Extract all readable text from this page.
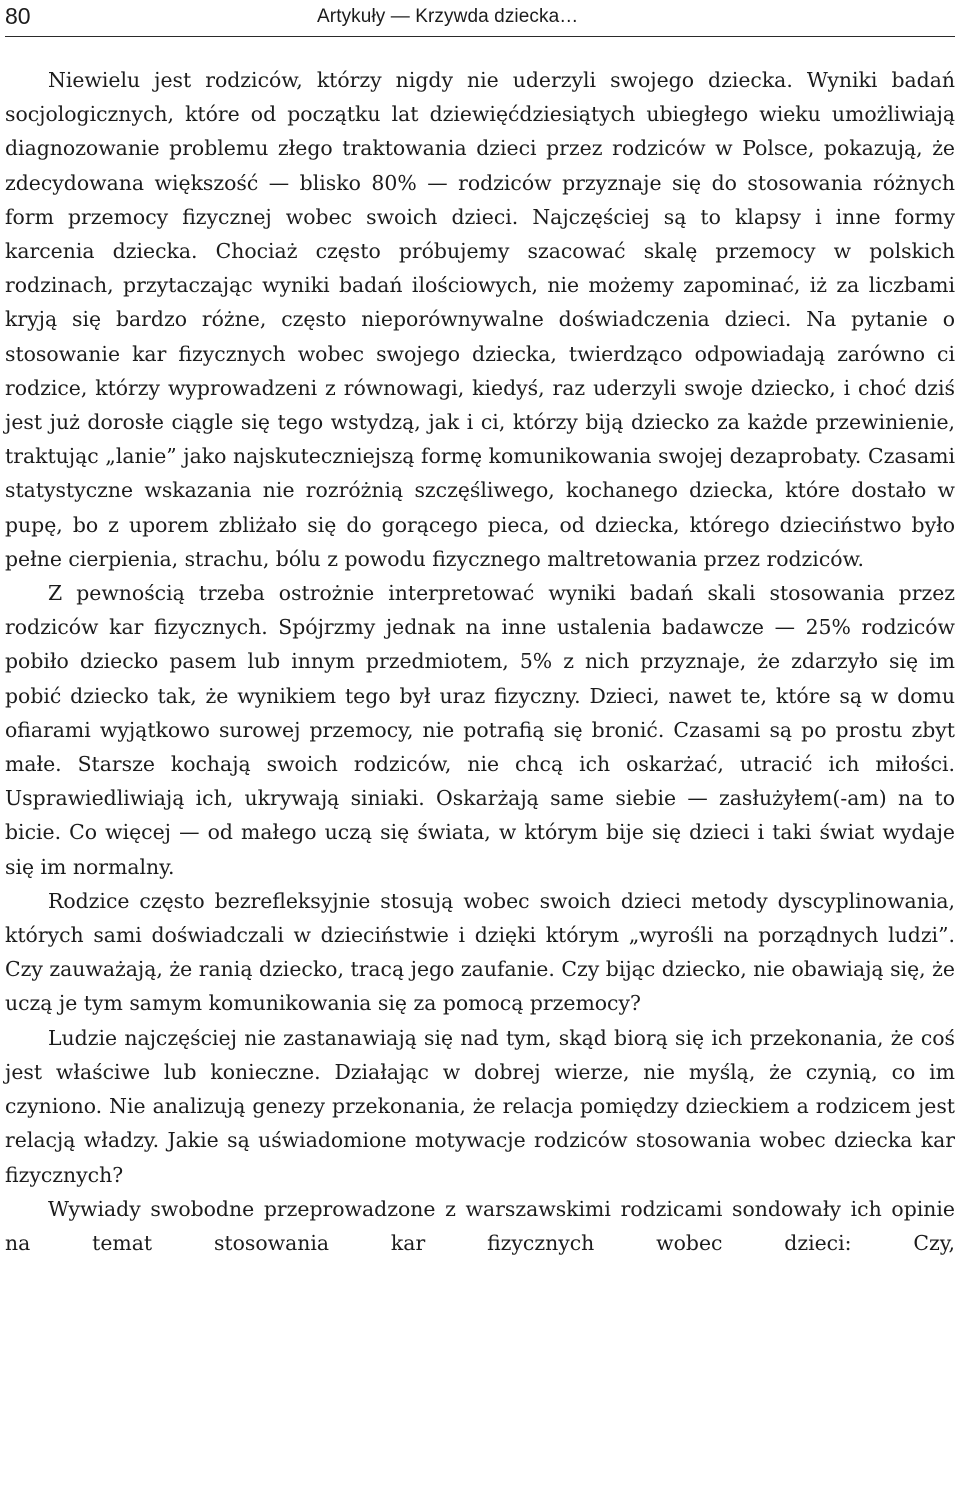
80	Artykuły — Krzywda dziecka…

Niewielu jest rodziców, którzy nigdy nie uderzyli swojego dziecka. Wyniki badań socjologicznych, które od początku lat dziewięćdziesiątych ubiegłego wieku umożliwiają diagnozowanie problemu złego traktowania dzieci przez rodziców w Polsce, pokazują, że zdecydowana większość — blisko 80% — rodziców przyznaje się do stosowania różnych form przemocy fizycznej wobec swoich dzieci. Najczęściej są to klapsy i inne formy karcenia dziecka. Chociaż często próbujemy szacować skalę przemocy w polskich rodzinach, przytaczając wyniki badań ilościowych, nie możemy zapominać, iż za liczbami kryją się bardzo różne, często nieporównywalne doświadczenia dzieci. Na pytanie o stosowanie kar fizycznych wobec swojego dziecka, twierdząco odpowiadają zarówno ci rodzice, którzy wyprowadzeni z równowagi, kiedyś, raz uderzyli swoje dziecko, i choć dziś jest już dorosłe ciągle się tego wstydzą, jak i ci, którzy biją dziecko za każde przewinienie, traktując „lanie” jako najskuteczniejszą formę komunikowania swojej dezaprobaty. Czasami statystyczne wskazania nie rozróżnią szczęśliwego, kochanego dziecka, które dostało w pupę, bo z uporem zbliżało się do gorącego pieca, od dziecka, którego dzieciństwo było pełne cierpienia, strachu, bólu z powodu fizycznego maltretowania przez rodziców.

Z pewnością trzeba ostrożnie interpretować wyniki badań skali stosowania przez rodziców kar fizycznych. Spójrzmy jednak na inne ustalenia badawcze — 25% rodziców pobiło dziecko pasem lub innym przedmiotem, 5% z nich przyznaje, że zdarzyło się im pobić dziecko tak, że wynikiem tego był uraz fizyczny. Dzieci, nawet te, które są w domu ofiarami wyjątkowo surowej przemocy, nie potrafią się bronić. Czasami są po prostu zbyt małe. Starsze kochają swoich rodziców, nie chcą ich oskarżać, utracić ich miłości. Usprawiedliwiają ich, ukrywają siniaki. Oskarżają same siebie — zasłużyłem(-am) na to bicie. Co więcej — od małego uczą się świata, w którym bije się dzieci i taki świat wydaje się im normalny.

Rodzice często bezrefleksyjnie stosują wobec swoich dzieci metody dyscyplinowania, których sami doświadczali w dzieciństwie i dzięki którym „wyrośli na porządnych ludzi”. Czy zauważają, że ranią dziecko, tracą jego zaufanie. Czy bijąc dziecko, nie obawiają się, że uczą je tym samym komunikowania się za pomocą przemocy?

Ludzie najczęściej nie zastanawiają się nad tym, skąd biorą się ich przekonania, że coś jest właściwe lub konieczne. Działając w dobrej wierze, nie myślą, że czynią, co im czyniono. Nie analizują genezy przekonania, że relacja pomiędzy dzieckiem a rodzicem jest relacją władzy. Jakie są uświadomione motywacje rodziców stosowania wobec dziecka kar fizycznych?

Wywiady swobodne przeprowadzone z warszawskimi rodzicami sondowały ich opinie na temat stosowania kar fizycznych wobec dzieci: Czy,
